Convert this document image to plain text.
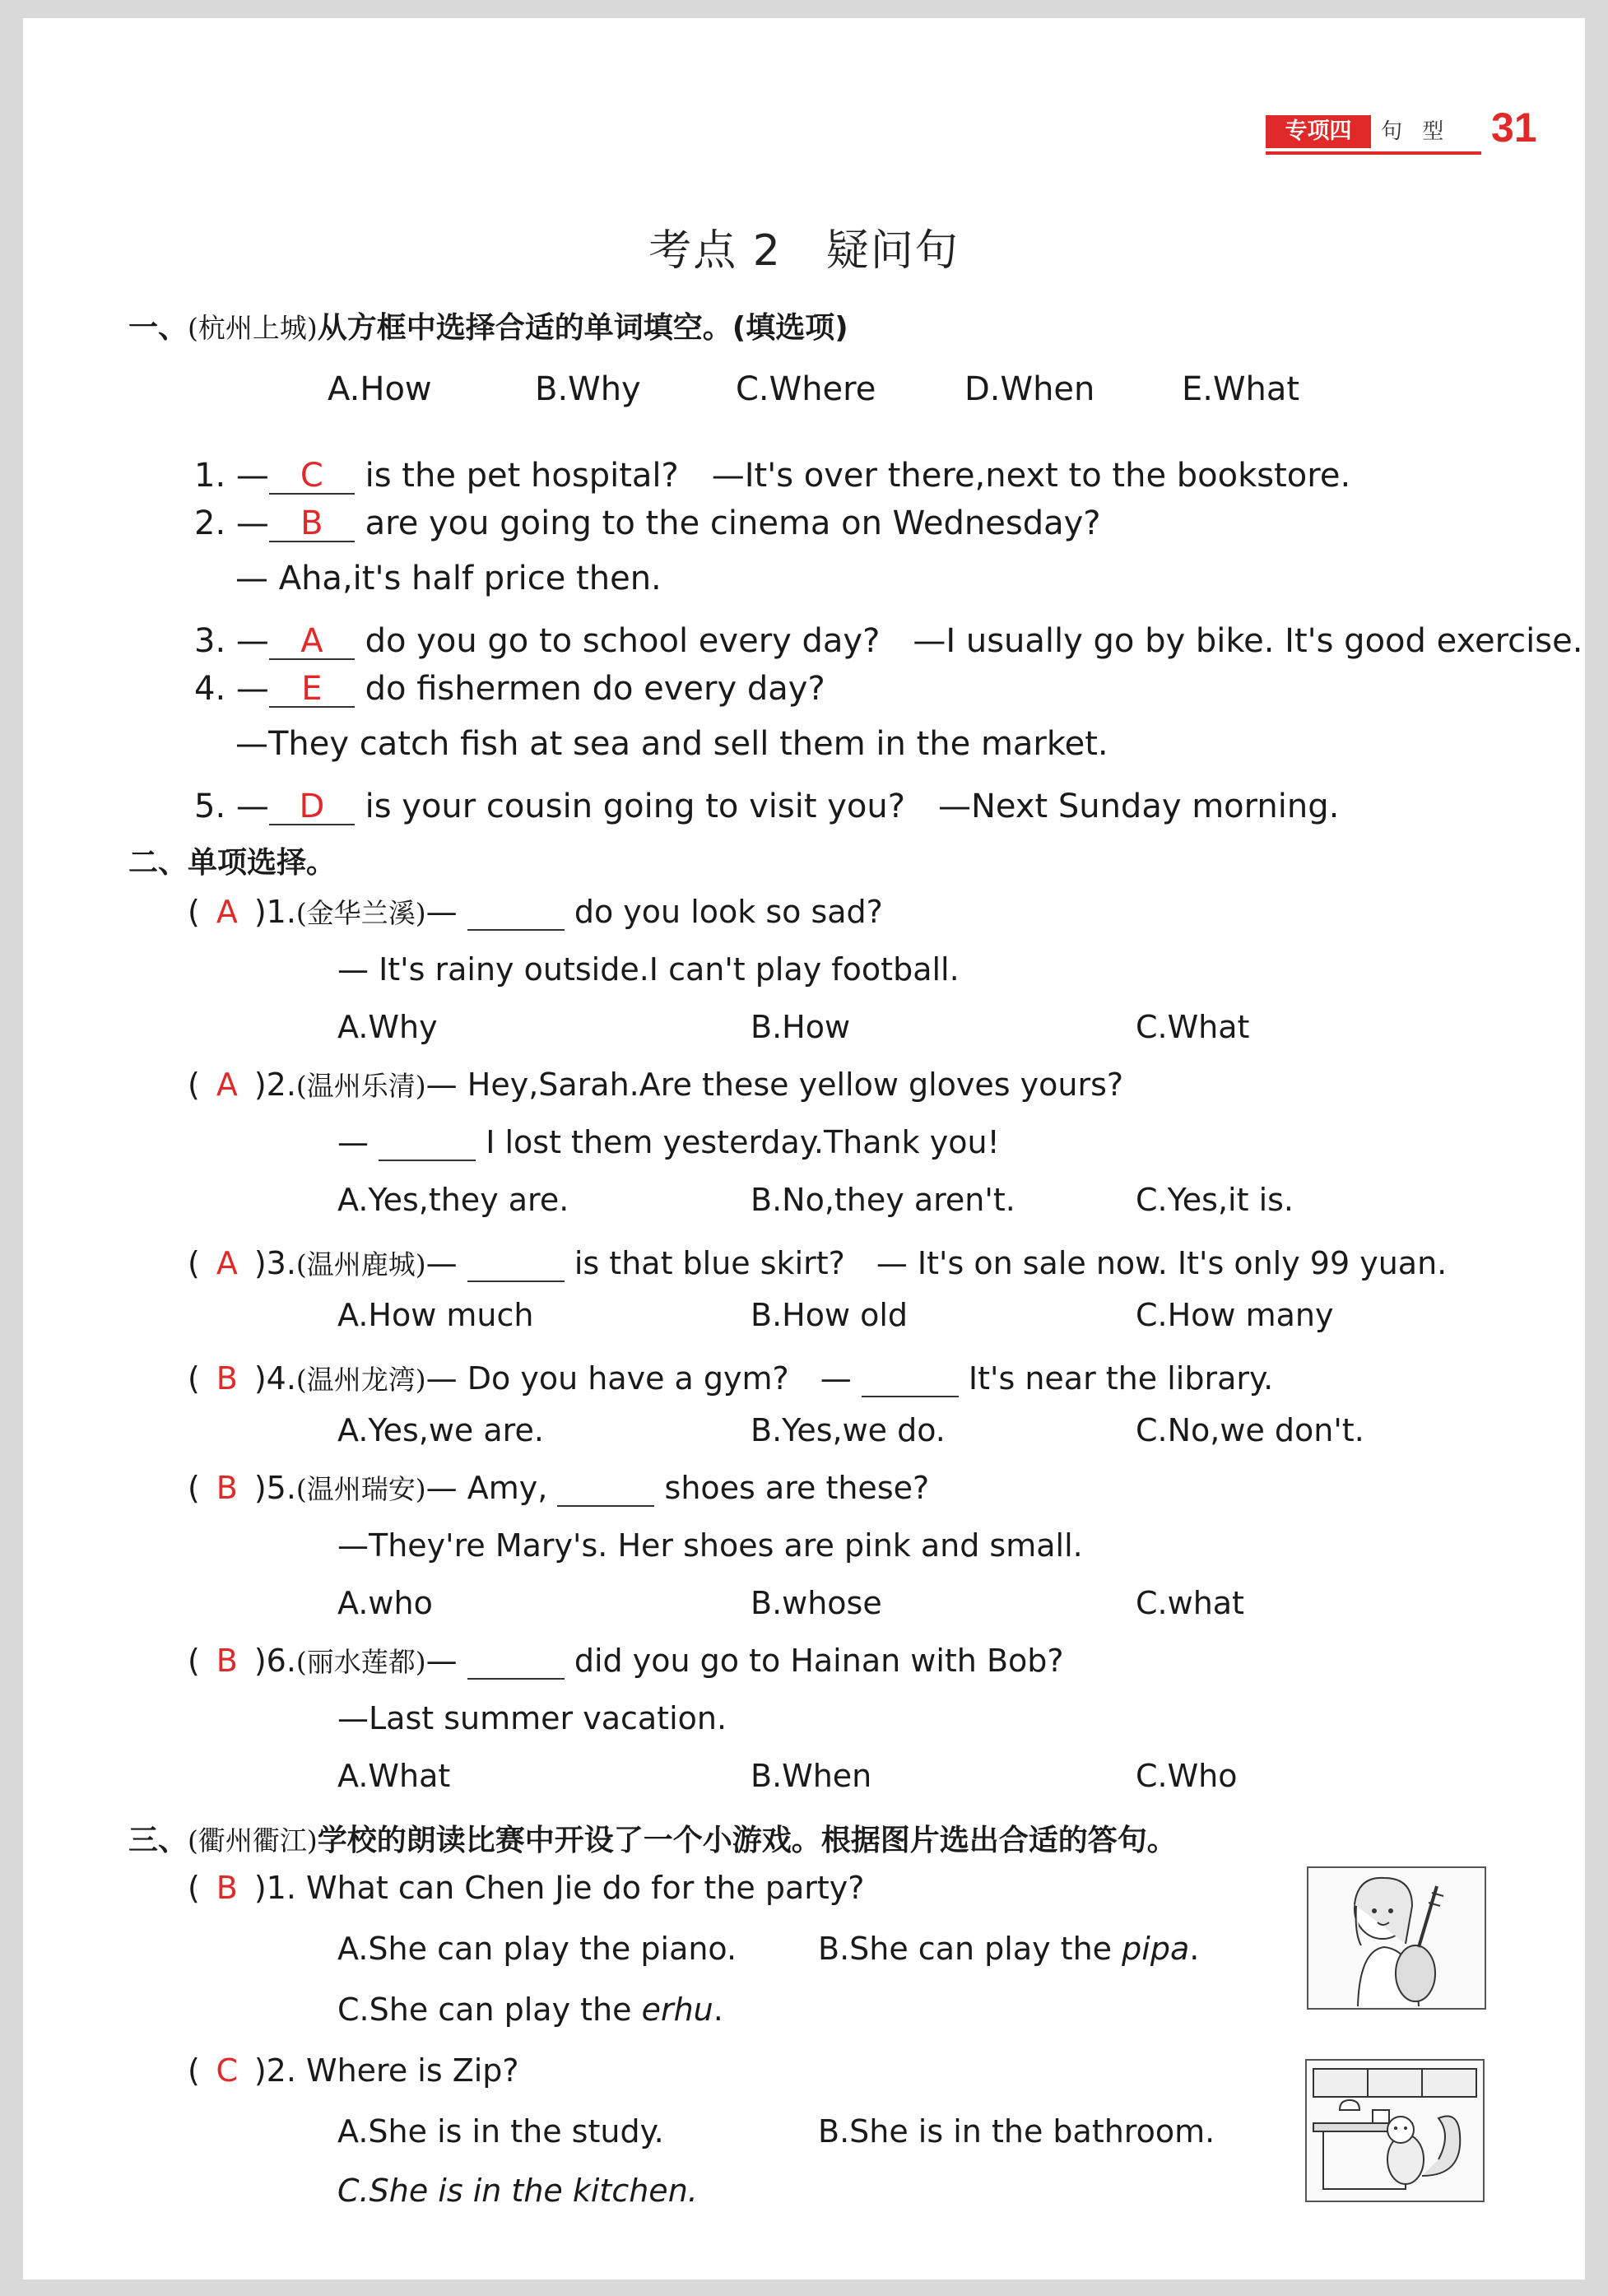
专项四	句 型 31
考点 2　疑问句
一、(杭州上城)从方框中选择合适的单词填空。(填选项)
A.How	B.Why	C.Where	D.When	E.What
1. — C is the pet hospital?　—It's over there,next to the bookstore.
2. — B are you going to the cinema on Wednesday?
— Aha,it's half price then.
3. — A do you go to school every day?　—I usually go by bike. It's good exercise.
4. — E do fishermen do every day?
—They catch fish at sea and sell them in the market.
5. — D is your cousin going to visit you?　—Next Sunday morning.
二、单项选择。
( A )1.(金华兰溪)—	do you look so sad?
— It's rainy outside.I can't play football.
A.Why	B.How	C.What
( A )2.(温州乐清)— Hey,Sarah.Are these yellow gloves yours?
—	I lost them yesterday.Thank you!
A.Yes,they are.	B.No,they aren't.	C.Yes,it is.
( A )3.(温州鹿城)—	is that blue skirt?　— It's on sale now. It's only 99 yuan.
A.How much	B.How old	C.How many
( B )4.(温州龙湾)— Do you have a gym?　—	It's near the library.
A.Yes,we are.	B.Yes,we do.	C.No,we don't.
( B )5.(温州瑞安)— Amy,	shoes are these?
—They're Mary's. Her shoes are pink and small.
A.who	B.whose	C.what
( B )6.(丽水莲都)—	did you go to Hainan with Bob?
—Last summer vacation.
A.What	B.When	C.Who
三、(衢州衢江)学校的朗读比赛中开设了一个小游戏。根据图片选出合适的答句。
( B )1. What can Chen Jie do for the party?
A.She can play the piano.	B.She can play the pipa.
C.She can play the erhu.
( C )2. Where is Zip?
A.She is in the study.	B.She is in the bathroom.
C.She is in the kitchen.
